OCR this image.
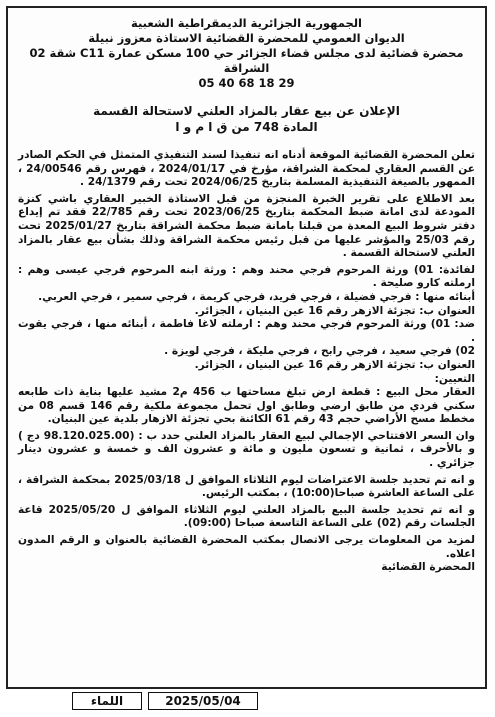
الجمهورية الجزائرية الديمقراطية الشعبية
الديوان العمومي للمحضرة القضائية الاستاذة معزوز نبيلة
محضرة قضائية لدى مجلس قضاء الجزائر حي 100 مسكن عمارة C11 شقة 02
الشراقة
05 40 68 18 29
الإعلان عن بيع عقار بالمزاد العلني لاستحالة القسمة
المادة 748 من ق ا م و ا

تعلن المحضرة القضائية الموقعة أدناه انه تنفيذا لسند التنفيذي المتمثل في الحكم الصادر عن القسم العقاري لمحكمة الشراقة، مؤرخ في 2024/01/17 ، فهرس رقم 24/00546 ، الممهور بالصيغة التنفيذية المسلمة بتاريخ 2024/06/25 تحت رقم 24/1379 .

بعد الاطلاع على تقرير الخبرة المنجزة من قبل الاستاذة الخبير العقاري باشي كنزة المودعة لدى امانة ضبط المحكمة بتاريخ 2023/06/25 تحت رقم 22/785 فقد تم إيداع دفتر شروط البيع المعدة من قبلنا بامانة ضبط محكمة الشراقة بتاريخ 2025/01/27 تحت رقم 25/03 والمؤشر عليها من قبل رئيس محكمة الشراقة وذلك بشأن بيع عقار بالمزاد العلني لاستحالة القسمة .

لفائدة: 01) ورثة المرحوم فرجي محند وهم : ورثة ابنه المرحوم فرجي عيسى وهم : ارملته كارو صليحة .

أبنائه منها : فرجي فضيلة ، فرجي فريد، فرجي كريمة ، فرجي سمير ، فرجي العربي.

العنوان ب: تجزئة الازهر رقم 16 عين البنيان ، الجزائر.

ضد: 01) ورثة المرحوم فرجي محند وهم : ارملته لاغا فاطمة ، أبنائه منها ، فرجي يقوت .

02) فرجي سعيد ، فرجي رابح ، فرجي مليكة ، فرجي لويزة .

العنوان ب: تجزئة الازهر رقم 16 عين البنيان ، الجزائر.

التعيين:

العقار محل البيع : قطعة ارض تبلغ مساحتها ب 456 م2 مشيد عليها بناية ذات طابعه سكني فردي من طابق ارضي وطابق اول تحمل مجموعة ملكية رقم 146 قسم 08 من مخطط مسح الأراضي حجم 43 رقم 61 الكائنة بحي تجزئة الازهار بلدية عين البنيان.

وان السعر الافتتاحي الإجمالي لبيع العقار بالمزاد العلني حدد ب : (98.120.025.00 دج ) و بالأحرف ، ثمانية و تسعون مليون و مائة و عشرون الف و خمسة و عشرون دينار جزائري .

و انه تم تحديد جلسة الاعتراضات ليوم الثلاثاء الموافق ل 2025/03/18 بمحكمة الشراقة ، على الساعة العاشرة صباحا(10:00) ، بمكتب الرئيس.

و انه تم تحديد جلسة البيع بالمزاد العلني ليوم الثلاثاء الموافق ل 2025/05/20 قاعة الجلسات رقم (02) على الساعة التاسعة صباحا (09:00).

لمزيد من المعلومات يرجى الاتصال بمكتب المحضرة القضائية بالعنوان و الرقم المدون اعلاه.

المحضرة القضائية

2025/05/04
اللماء
